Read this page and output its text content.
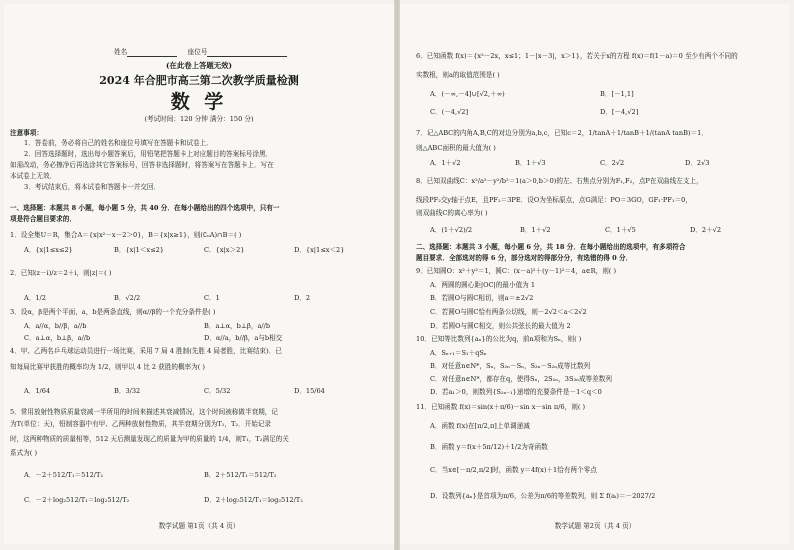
姓名	座位号
(在此卷上答题无效)
2024 年合肥市高三第二次教学质量检测
数 学
(考试时间：120 分钟 满分：150 分)
注意事项：
1．答卷前，务必将自己的姓名和座位号填写在答题卡和试卷上．
2．回答选择题时，选出每小题答案后，用铅笔把答题卡上对应题目的答案标号涂黑．
如需改动，务必擦净后再选涂其它答案标号，回答非选择题时，将答案写在答题卡上．写在
本试卷上无效．
3．考试结束后，将本试卷和答题卡一并交回．
一、选择题：本题共 8 小题，每小题 5 分，共 40 分．在每小题给出的四个选项中，只有一
项是符合题目要求的．
1．设全集U＝R，集合A＝{x|x²－x－2＞0}，B＝{x|x≥1}，则(∁ᵤA)∩B＝( )
A．{x|1≤x≤2}	B．{x|1＜x≤2}	C．{x|x＞2}	D．{x|1≤x＜2}
2．已知(z－i)/z＝2＋i，则|z|＝( )
A．1/2	B．√2/2	C．1	D．2
3．设α，β是两个平面，a，b是两条直线，则α//β的一个充分条件是( )
A．a//α，b//β，a//b	B．a⊥α，b⊥β，a//b
C．a⊥α，b⊥β，a//b	D．α//a，b//β，a与b相交
4．甲、乙两名乒乓球运动员进行一场比赛，采用 7 局 4 胜制(先胜 4 局者胜，比赛结束)．已
知每局比赛甲获胜的概率均为 1/2，则甲以 4 比 2 获胜的概率为( )
A．1/64	B．3/32	C．5/32	D．15/64
5．常用放射性物质质量衰减一半所用的时间来描述其衰减情况，这个时间被称做半衰期，记
为T(单位：天)，铅制容器中有甲、乙两种放射性物质，其半衰期分别为T₁，T₂．开始记录
时，这两种物质的质量相等，512 天后测量发现乙的质量为甲的质量的 1/4，则T₁，T₂满足的关
系式为( )
A．－2＋512/T₁＝512/T₂	B．2＋512/T₁＝512/T₂
C．－2＋log₂512/T₁＝log₂512/T₂	D．2＋log₂512/T₁＝log₂512/T₂
数学试题 第1页（共 4 页）
6．已知函数 f(x)＝{x²－2x，x≤1；1－|x－3|，x＞1}，若关于x的方程 f(x)＝f(1－a)＝0 至少有两个不同的
实数根，则a的取值范围是( )
A．(－∞,－4]∪[√2,＋∞)	B．[－1,1]
C．(－4,√2]	D．[－4,√2]
7．记△ABC的内角A,B,C的对边分别为a,b,c，已知c＝2，1/tanA＋1/tanB＋1/(tanA tanB)＝1．
则△ABC面积的最大值为( )
A．1＋√2	B．1＋√3	C．2√2	D．2√3
8．已知双曲线C：x²/a²－y²/b²＝1(a＞0,b＞0)的左、右焦点分别为F₁,F₂，点P在双曲线左支上，
线段PF₂交y轴于点E，且PF₂＝3PE．设O为坐标原点，点G满足：PO＝3GO，GF₁·PF₁＝0，
则双曲线C的离心率为( )
A．(1＋√2)/2	B．1＋√2	C．1＋√5	D．2＋√2
二、选择题：本题共 3 小题，每小题 6 分，共 18 分．在每小题给出的选项中，有多项符合
题目要求．全部选对的得 6 分，部分选对的得部分分，有选错的得 0 分．
9．已知圆O：x²＋y²＝1，圆C：(x－a)²＋(y－1)²＝4，a∈R，则( )
A．两圆的圆心距|OC|的最小值为 1
B．若圆O与圆C相切，则a＝±2√2
C．若圆O与圆C恰有两条公切线，则－2√2＜a＜2√2
D．若圆O与圆C相交，则公共弦长的最大值为 2
10．已知等比数列{aₙ}的公比为q，前n项和为Sₙ，则( )
A．Sₙ₊₁＝S₁＋qSₙ
B．对任意n∈N*，Sₙ，S₂ₙ－Sₙ，S₃ₙ－S₂ₙ成等比数列
C．对任意n∈N*，都存在q，使得Sₙ，2S₂ₙ，3S₃ₙ成等差数列
D．若a₁＞0，则数列{S₂ₙ₋₁}递增的充要条件是－1＜q＜0
11．已知函数 f(x)＝sin(x＋π/6)－sin x－sin π/6，则( )
A．函数 f(x)在[π/2,π]上单调递减
B．函数 y＝f(x＋5π/12)＋1/2为奇函数
C．当x∈[－π/2,π/2]时，函数 y＝4f(x)＋1恰有两个零点
D．设数列{aₙ}是首项为π/6，公差为π/6的等差数列，则 Σ f(aᵢ)＝－2027/2
数学试题 第2页（共 4 页）
